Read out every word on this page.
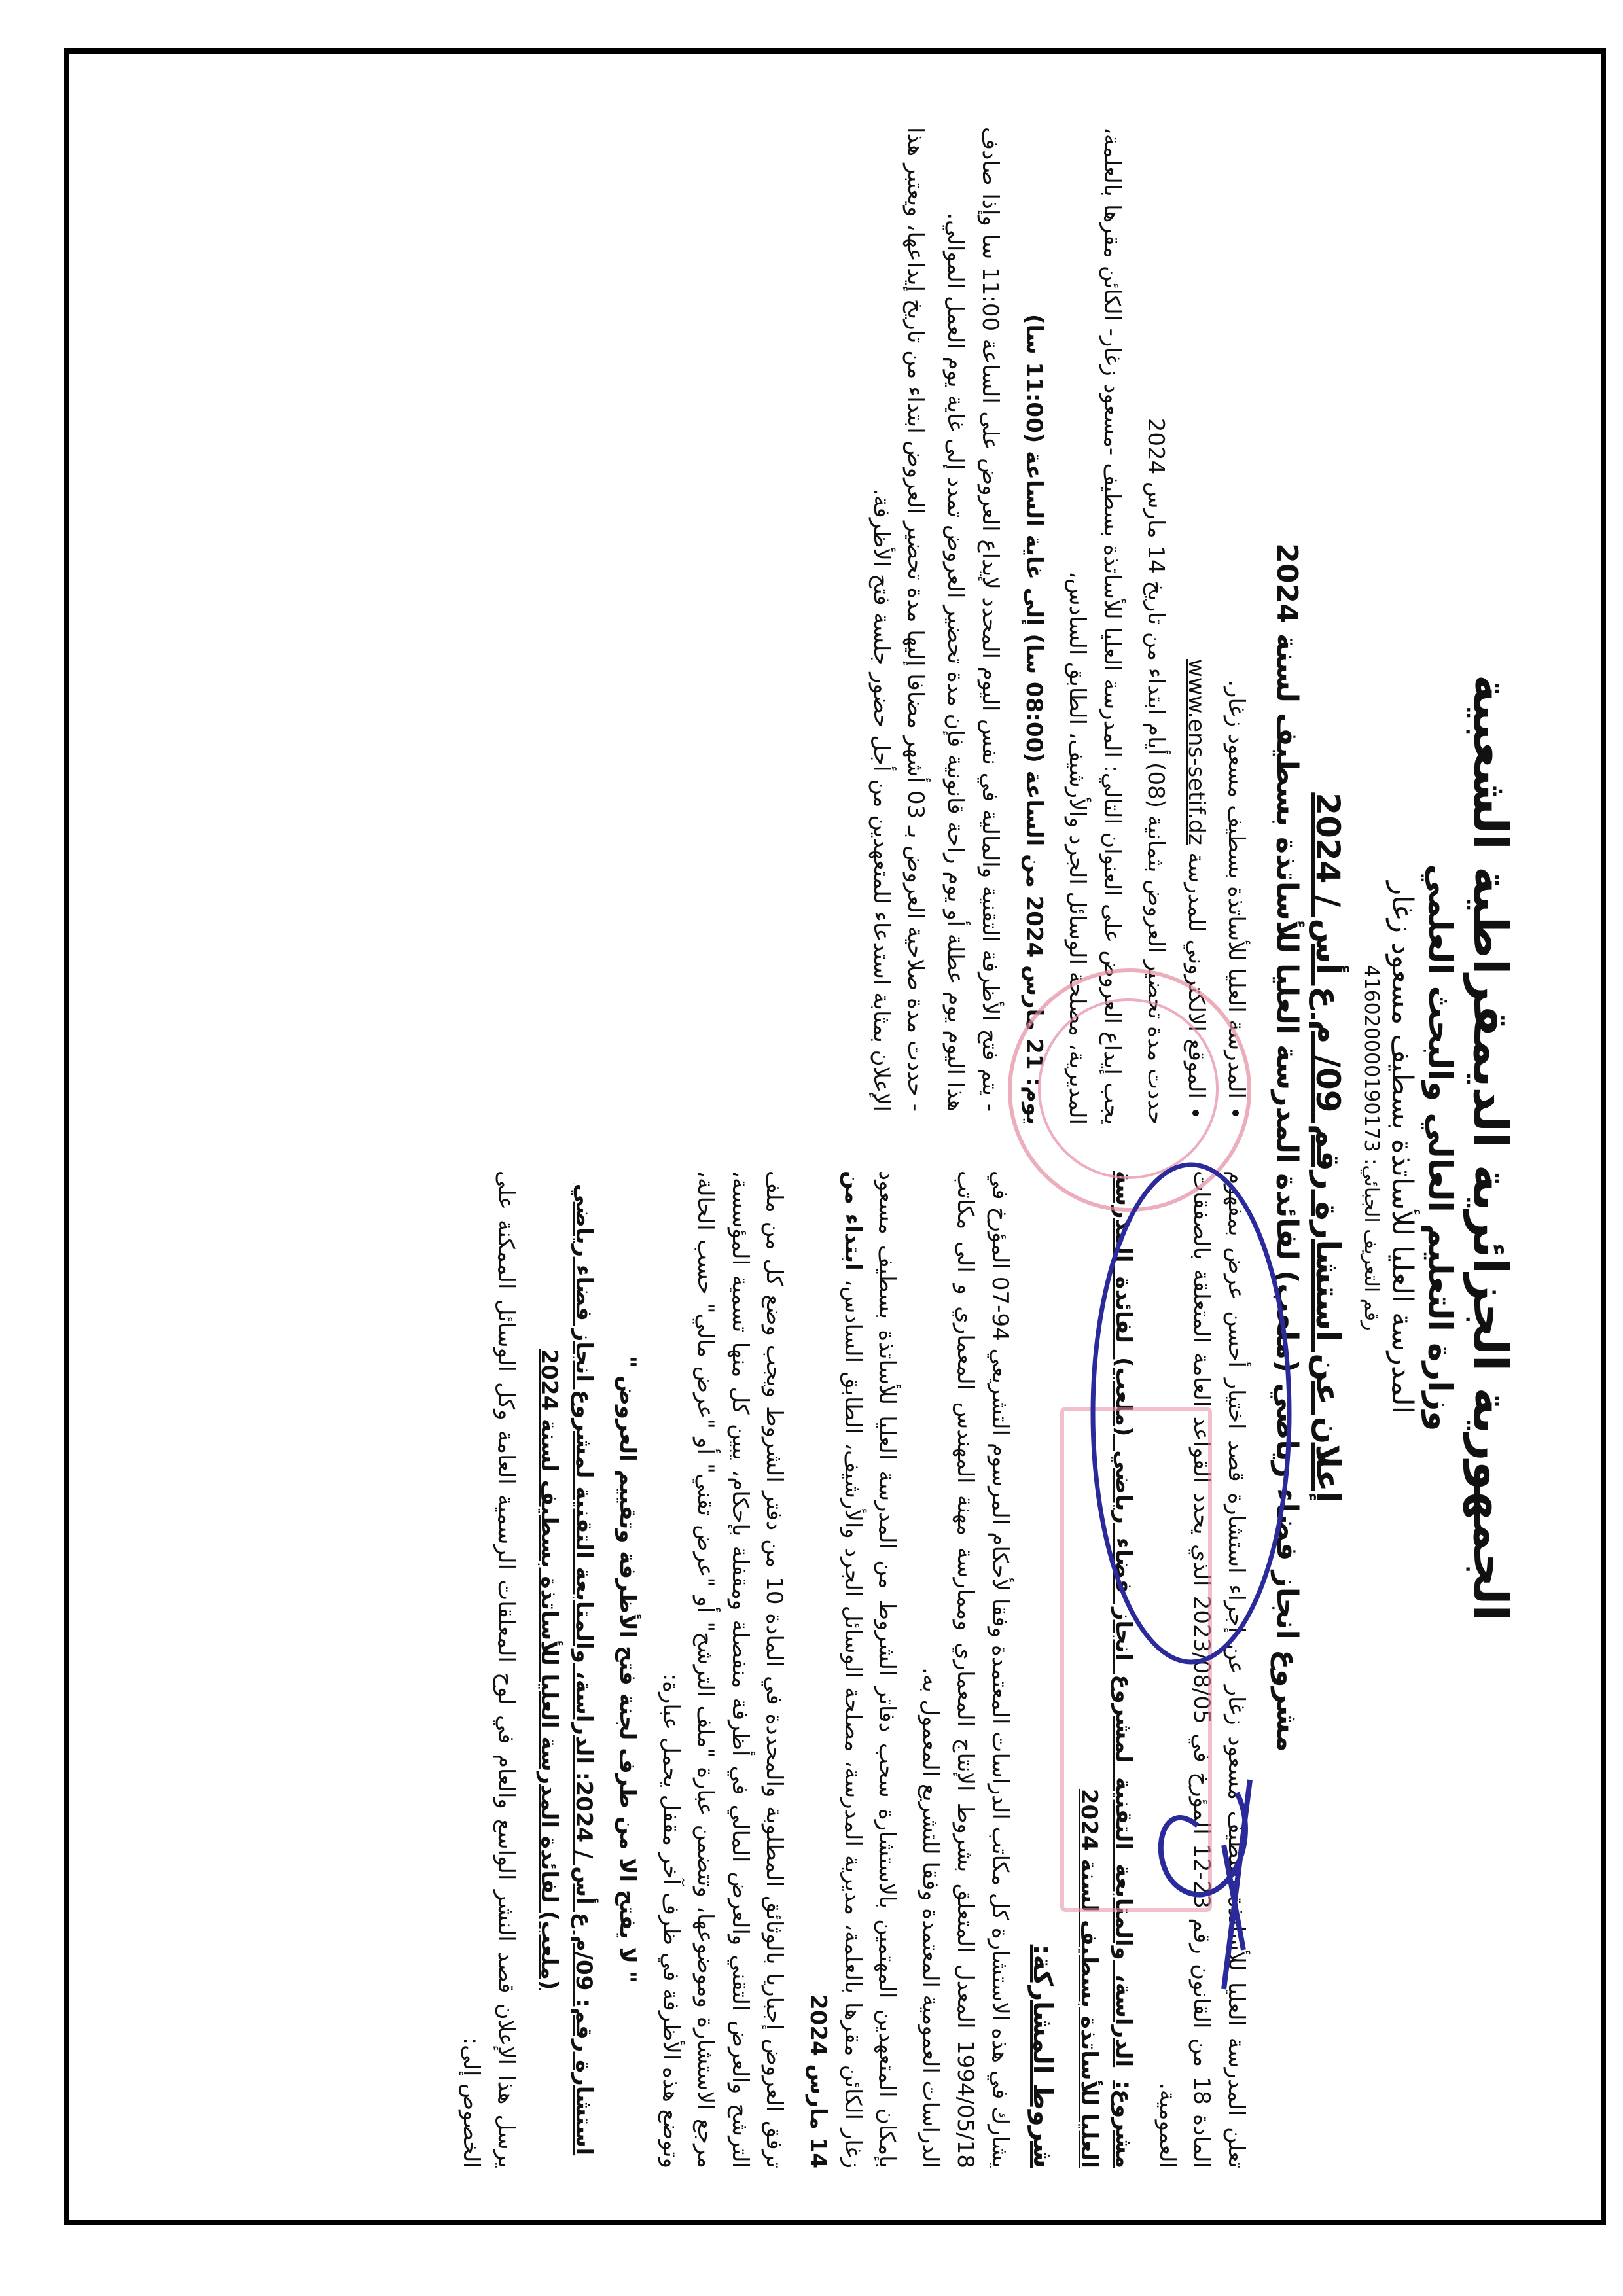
الجمهورية الجزائرية الديمقراطية الشعبية
وزارة التعليم العالي والبحث العلمي
المدرسة العليا للأساتذة بسطيف مسعود زغار
رقم التعريف الجبائي: 416020000190173
إعلان عن استشارة رقم 09/ م ع أس / 2024
مشروع انجاز فضاء رياضي (ملعب) لفائدة المدرسة العليا للأساتذة بسطيف لسنة 2024

تعلن المدرسة العليا للأساتذة بسطيف مسعود زغار عن إجراء استشارة قصد اختيار أحسن عرض بمفهوم المادة 18 من القانون رقم 23-12 المؤرخ في 2023/08/05 الذي يحدد القواعد العامة المتعلقة بالصفقات العمومية.

مشروع: الدراسة، والمتابعة التقنية لمشروع انجاز فضاء رياضي (ملعب) لفائدة المدرسة العليا للأساتذة بسطيف لسنة 2024

شروط المشاركة:

يشارك في هذه الاستشارة كل مكاتب الدراسات المعتمدة وفقا لأحكام المرسوم التشريعي 94-07 المؤرخ في 1994/05/18 المعدل المتعلق بشروط الإنتاج المعماري وممارسة مهنة المهندس المعماري و الى مكاتب الدراسات العمومية المعتمدة وفقا للتشريع المعمول به.

بإمكان المتعهدين المهتمين بالاستشارة سحب دفاتر الشروط من المدرسة العليا للأساتذة بسطيف مسعود زغار الكائن مقرها بالعلمة، مديرية المدرسة، مصلحة الوسائل الجرد والأرشيف، الطابق السادس، ابتداء من 14 مارس 2024

ترفق العروض إجباريا بالوثائق المطلوبة والمحددة في المادة 10 من دفتر الشروط ويجب وضع كل من ملف الترشح والعرض التقني والعرض المالي في أظرفة منفصلة ومقفلة بإحكام، يبين كل منها تسمية المؤسسة، مرجع الاستشارة وموضوعها، وتتضمن عبارة "ملف الترشح" أو "عرض تقني" أو "عرض مالي" حسب الحالة، وتوضع هذه الأظرفة في ظرف آخر مقفل يحمل عبارة:

" لا يفتح الا من طرف لجنة فتح الأظرفة وتقييم العروض "

استشارة رقم: 09/م ع أس / 2024: الدراسة، والمتابعة التقنية لمشروع انجاز فضاء رياضي (ملعب) لفائدة المدرسة العليا للأساتذة بسطيف لسنة 2024

يرسل هذا الإعلان قصد النشر الواسع والعام في لوح المعلقات الرسمية العامة وكل الوسائل الممكنة على الخصوص إلى:

• المدرسة العليا للأساتذة بسطيف مسعود زغار.
• الموقع الالكتروني للمدرسة www.ens-setif.dz

حددت مدة تحضير العروض بثمانية (08) أيام ابتداء من تاريخ 14 مارس 2024

يجب إيداع العروض على العنوان التالي: المدرسة العليا للأساتذة بسطيف -مسعود زغار- الكائن مقرها بالعلمة، المديرية، مصلحة الوسائل الجرد والأرشيف، الطابق السادس،

يوم: 21 مارس 2024 من الساعة (08:00 سا) إلى غاية الساعة (11:00 سا)

- يتم فتح الأظرفة التقنية والمالية في نفس اليوم المحدد لإيداع العروض على الساعة 11:00 سا وإذا صادف هذا اليوم يوم عطلة أو يوم راحة قانونية فإن مدة تحضير العروض تمدد إلى غاية يوم العمل الموالي.
- حددت مدة صلاحية العروض بـ 03 أشهر مضافا إليها مدة تحضير العروض ابتداء من تاريخ إيداعها، ويعتبر هذا الإعلان بمثابة استدعاء للمتعهدين من أجل حضور جلسة فتح الأظرفة.
